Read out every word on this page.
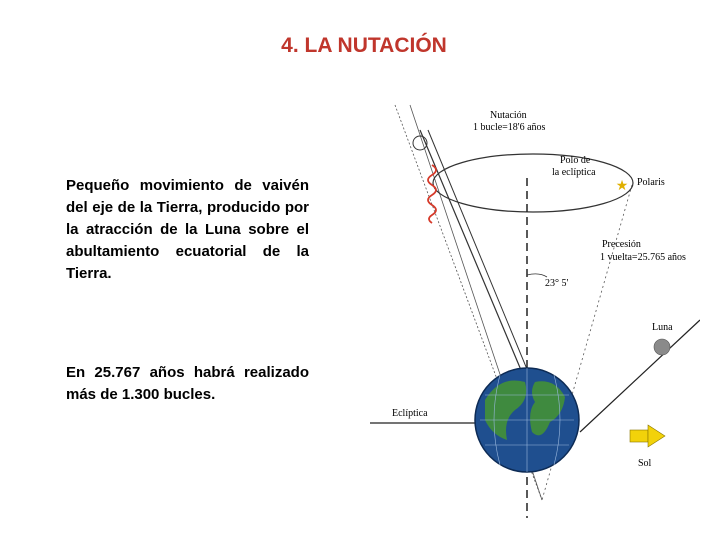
4. LA NUTACIÓN

Pequeño movimiento de vaivén del eje de la Tierra, producido por la atracción de la Luna sobre el abultamiento ecuatorial de la Tierra.

En 25.767 años habrá realizado más de 1.300 bucles.

★
Nutación
1 bucle=18'6 años
Polo de
la eclíptica
Polaris
Precesión
1 vuelta=25.765 años
23° 5'
Luna
Eclíptica
Sol
